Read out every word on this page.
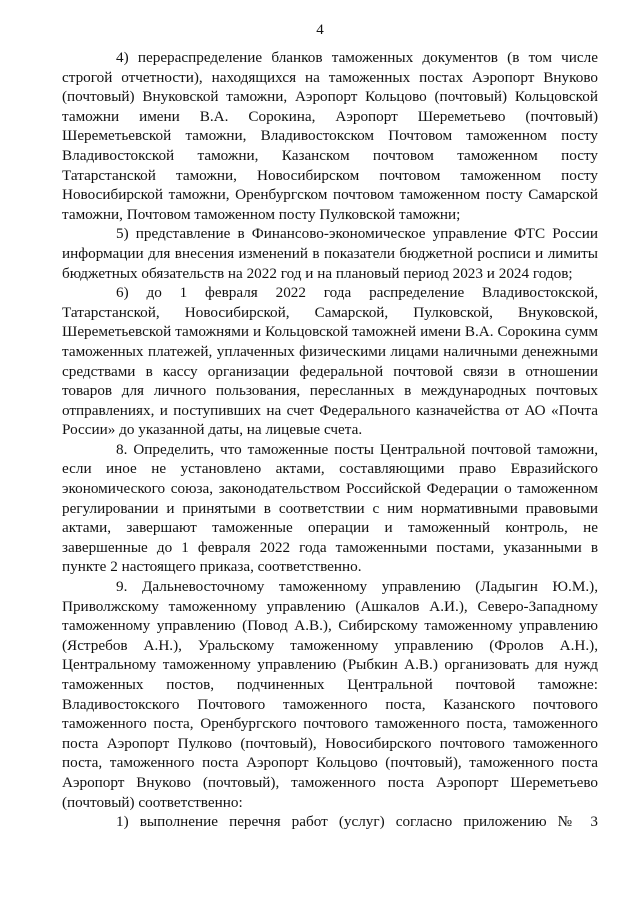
4

4) перераспределение бланков таможенных документов (в том числе строгой отчетности), находящихся на таможенных постах Аэропорт Внуково (почтовый) Внуковской таможни, Аэропорт Кольцово (почтовый) Кольцовской таможни имени В.А. Сорокина, Аэропорт Шереметьево (почтовый) Шереметьевской таможни, Владивостокском Почтовом таможенном посту Владивостокской таможни, Казанском почтовом таможенном посту Татарстанской таможни, Новосибирском почтовом таможенном посту Новосибирской таможни, Оренбургском почтовом таможенном посту Самарской таможни, Почтовом таможенном посту Пулковской таможни;

5) представление в Финансово-экономическое управление ФТС России информации для внесения изменений в показатели бюджетной росписи и лимиты бюджетных обязательств на 2022 год и на плановый период 2023 и 2024 годов;

6) до 1 февраля 2022 года распределение Владивостокской, Татарстанской, Новосибирской, Самарской, Пулковской, Внуковской, Шереметьевской таможнями и Кольцовской таможней имени В.А. Сорокина сумм таможенных платежей, уплаченных физическими лицами наличными денежными средствами в кассу организации федеральной почтовой связи в отношении товаров для личного пользования, пересланных в международных почтовых отправлениях, и поступивших на счет Федерального казначейства от АО «Почта России» до указанной даты, на лицевые счета.

8. Определить, что таможенные посты Центральной почтовой таможни, если иное не установлено актами, составляющими право Евразийского экономического союза, законодательством Российской Федерации о таможенном регулировании и принятыми в соответствии с ним нормативными правовыми актами, завершают таможенные операции и таможенный контроль, не завершенные до 1 февраля 2022 года таможенными постами, указанными в пункте 2 настоящего приказа, соответственно.

9. Дальневосточному таможенному управлению (Ладыгин Ю.М.), Приволжскому таможенному управлению (Ашкалов А.И.), Северо-Западному таможенному управлению (Повод А.В.), Сибирскому таможенному управлению (Ястребов А.Н.), Уральскому таможенному управлению (Фролов А.Н.), Центральному таможенному управлению (Рыбкин А.В.) организовать для нужд таможенных постов, подчиненных Центральной почтовой таможне: Владивостокского Почтового таможенного поста, Казанского почтового таможенного поста, Оренбургского почтового таможенного поста, таможенного поста Аэропорт Пулково (почтовый), Новосибирского почтового таможенного поста, таможенного поста Аэропорт Кольцово (почтовый), таможенного поста Аэропорт Внуково (почтовый), таможенного поста Аэропорт Шереметьево (почтовый) соответственно:

1) выполнение перечня работ (услуг) согласно приложению № 3
